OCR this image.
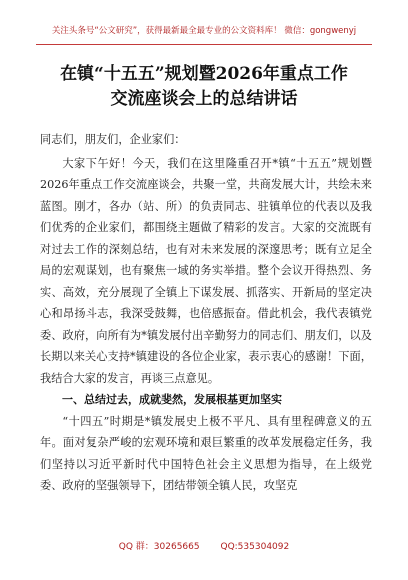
关注头条号“公文研究”，获得最新最全最专业的公文资料库！ 微信：gongwenyj
在镇“十五五”规划暨2026年重点工作
交流座谈会上的总结讲话

同志们，朋友们，企业家们：

大家下午好！今天，我们在这里隆重召开*镇“十五五”规划暨2026年重点工作交流座谈会，共聚一堂，共商发展大计，共绘未来蓝图。刚才，各办（站、所）的负责同志、驻镇单位的代表以及我们优秀的企业家们，都围绕主题做了精彩的发言。大家的交流既有对过去工作的深刻总结，也有对未来发展的深邃思考；既有立足全局的宏观谋划，也有聚焦一域的务实举措。整个会议开得热烈、务实、高效，充分展现了全镇上下谋发展、抓落实、开新局的坚定决心和昂扬斗志，我深受鼓舞，也倍感振奋。借此机会，我代表镇党委、政府，向所有为*镇发展付出辛勤努力的同志们、朋友们，以及长期以来关心支持*镇建设的各位企业家，表示衷心的感谢！下面，我结合大家的发言，再谈三点意见。

一、总结过去，成就斐然，发展根基更加坚实

“十四五”时期是*镇发展史上极不平凡、具有里程碑意义的五年。面对复杂严峻的宏观环境和艰巨繁重的改革发展稳定任务，我们坚持以习近平新时代中国特色社会主义思想为指导，在上级党委、政府的坚强领导下，团结带领全镇人民，攻坚克

QQ 群：30265665 QQ:535304092
